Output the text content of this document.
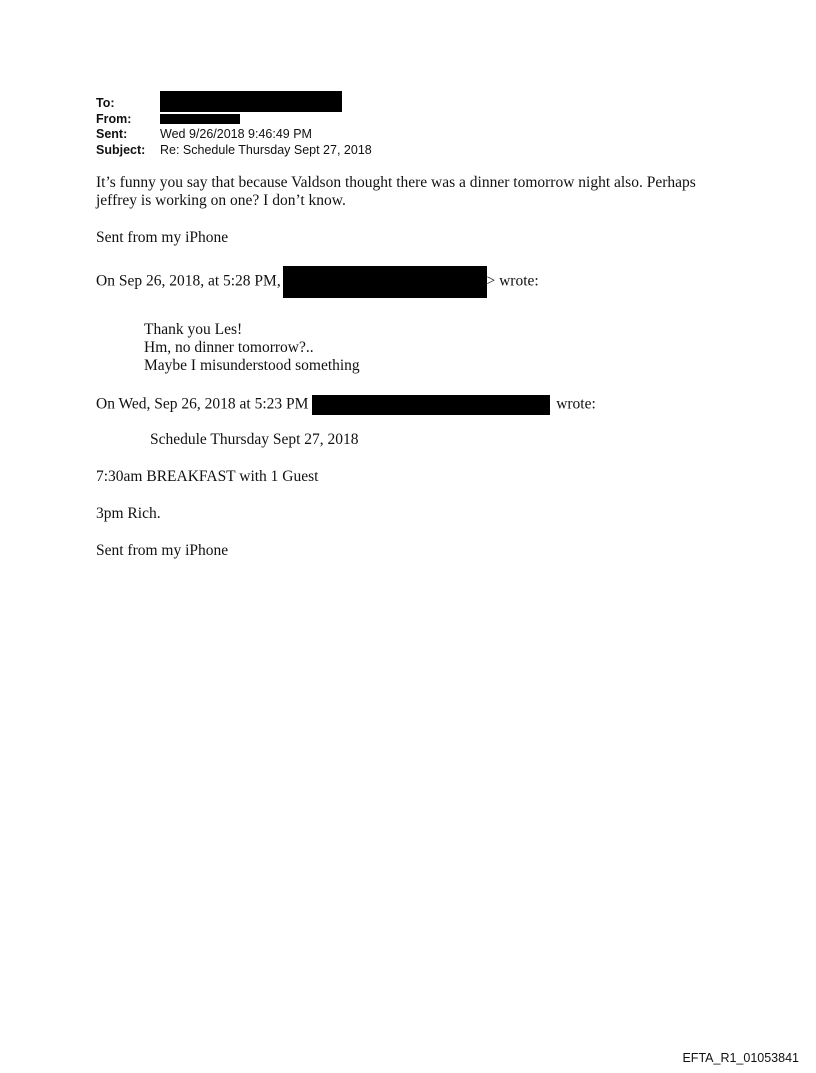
To:
From:
Sent:	Wed 9/26/2018 9:46:49 PM
Subject:	Re: Schedule Thursday Sept 27, 2018
It’s funny you say that because Valdson thought there was a dinner tomorrow night also. Perhaps
jeffrey is working on one? I don’t know.
Sent from my iPhone
On Sep 26, 2018, at 5:28 PM,	> wrote:
Thank you Les!
Hm, no dinner tomorrow?..
Maybe I misunderstood something
On Wed, Sep 26, 2018 at 5:23 PM	wrote:
Schedule Thursday Sept 27, 2018
7:30am BREAKFAST with 1 Guest
3pm Rich.
Sent from my iPhone
EFTA_R1_01053841
